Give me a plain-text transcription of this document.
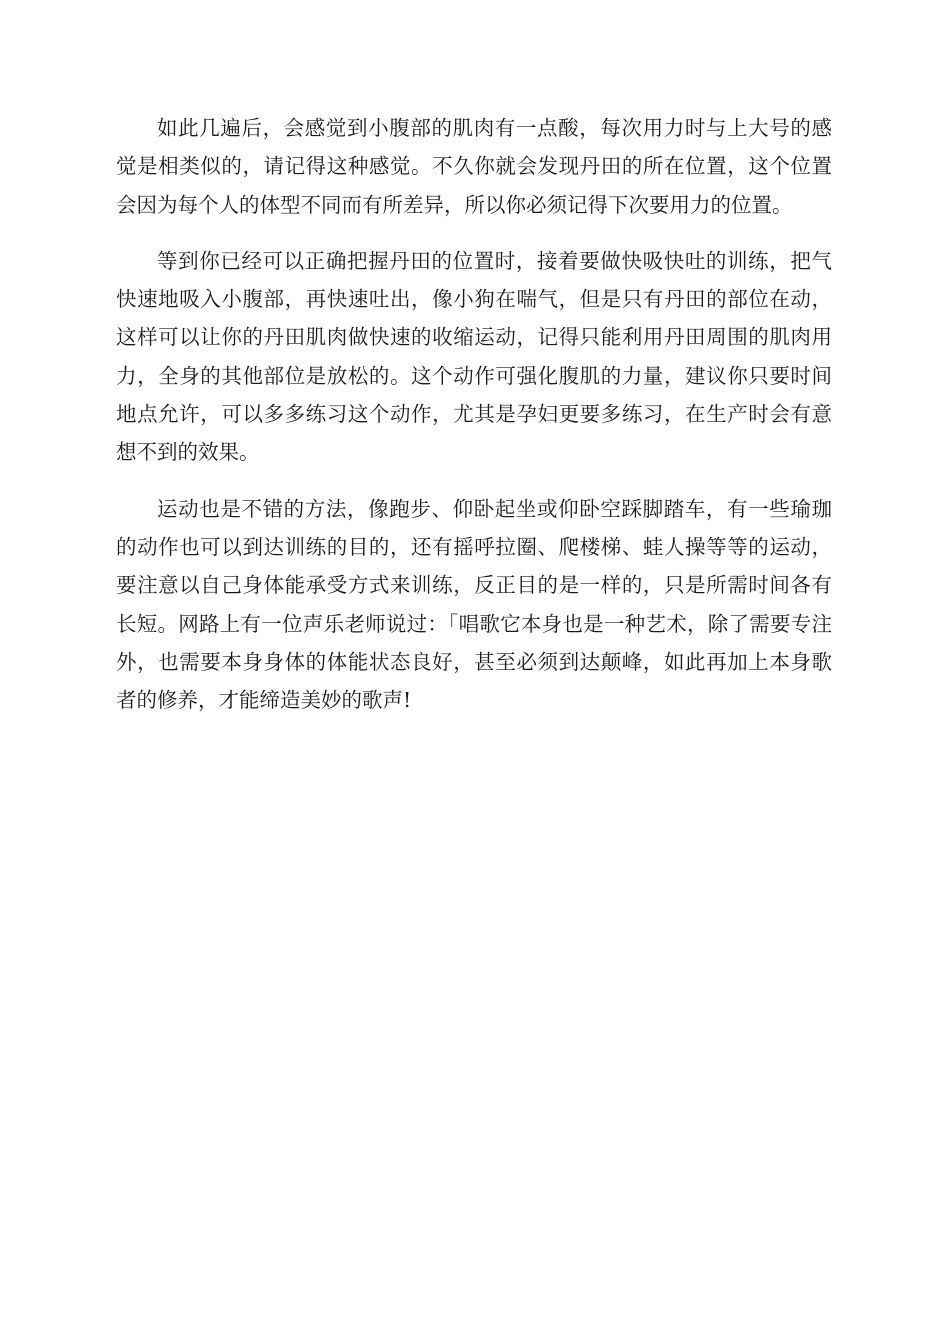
如此几遍后，会感觉到小腹部的肌肉有一点酸，每次用力时与上大号的感觉是相类似的，请记得这种感觉。不久你就会发现丹田的所在位置，这个位置会因为每个人的体型不同而有所差异，所以你必须记得下次要用力的位置。

等到你已经可以正确把握丹田的位置时，接着要做快吸快吐的训练，把气快速地吸入小腹部，再快速吐出，像小狗在喘气，但是只有丹田的部位在动，这样可以让你的丹田肌肉做快速的收缩运动，记得只能利用丹田周围的肌肉用力，全身的其他部位是放松的。这个动作可强化腹肌的力量，建议你只要时间地点允许，可以多多练习这个动作，尤其是孕妇更要多练习，在生产时会有意想不到的效果。

运动也是不错的方法，像跑步、仰卧起坐或仰卧空踩脚踏车，有一些瑜珈的动作也可以到达训练的目的，还有摇呼拉圈、爬楼梯、蛙人操等等的运动，要注意以自己身体能承受方式来训练，反正目的是一样的，只是所需时间各有长短。网路上有一位声乐老师说过：「唱歌它本身也是一种艺术，除了需要专注外，也需要本身身体的体能状态良好，甚至必须到达颠峰，如此再加上本身歌者的修养，才能缔造美妙的歌声!
